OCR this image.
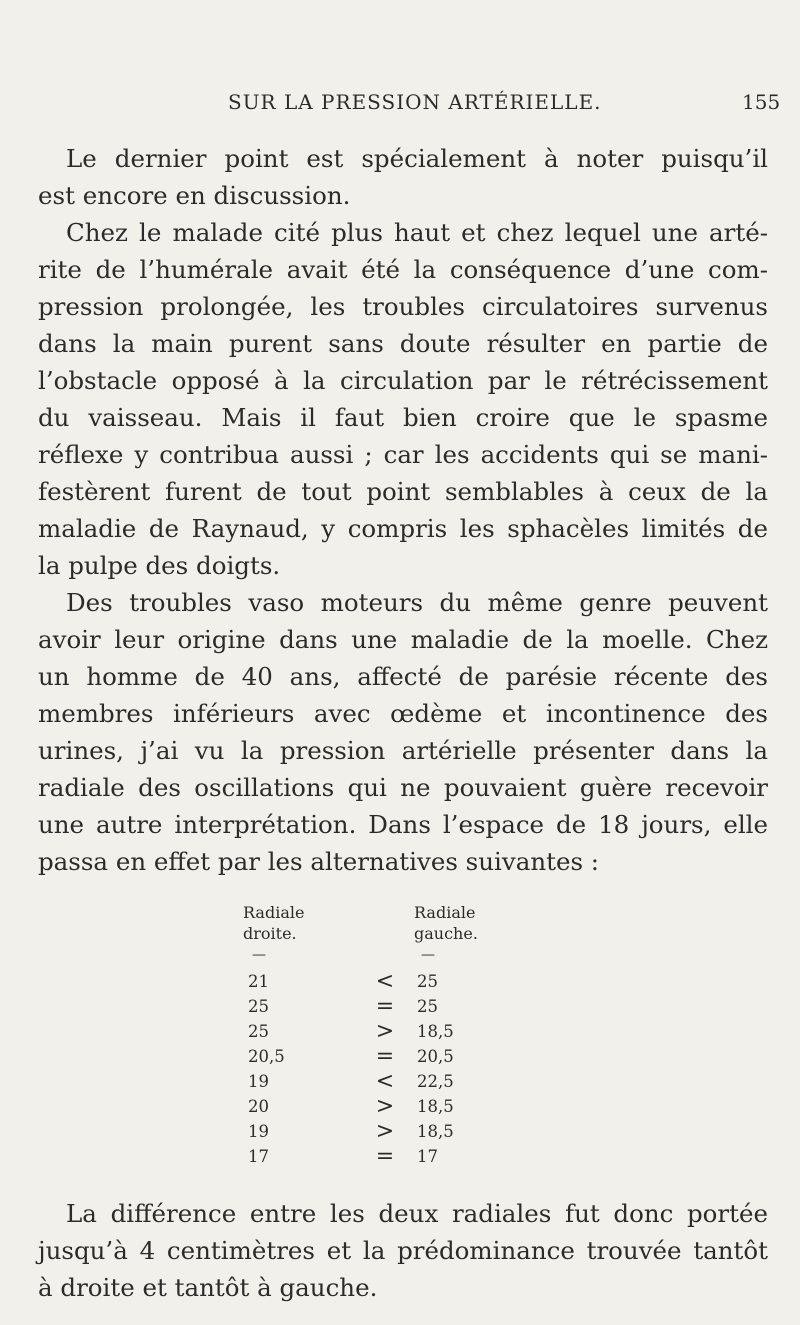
SUR LA PRESSION ARTÉRIELLE.	155
Le dernier point est spécialement à noter puisqu’il
est encore en discussion.
Chez le malade cité plus haut et chez lequel une arté-
rite de l’humérale avait été la conséquence d’une com-
pression prolongée, les troubles circulatoires survenus
dans la main purent sans doute résulter en partie de
l’obstacle opposé à la circulation par le rétrécissement
du vaisseau. Mais il faut bien croire que le spasme
réflexe y contribua aussi ; car les accidents qui se mani-
festèrent furent de tout point semblables à ceux de la
maladie de Raynaud, y compris les sphacèles limités de
la pulpe des doigts.
Des troubles vaso moteurs du même genre peuvent
avoir leur origine dans une maladie de la moelle. Chez
un homme de 40 ans, affecté de parésie récente des
membres inférieurs avec œdème et incontinence des
urines, j’ai vu la pression artérielle présenter dans la
radiale des oscillations qui ne pouvaient guère recevoir
une autre interprétation. Dans l’espace de 18 jours, elle
passa en effet par les alternatives suivantes :
Radiale
droite.
Radiale
gauche.
—	—
21	<	25
25	=	25
25	>	18,5
20,5	=	20,5
19	<	22,5
20	>	18,5
19	>	18,5
17	=	17
La différence entre les deux radiales fut donc portée
jusqu’à 4 centimètres et la prédominance trouvée tantôt
à droite et tantôt à gauche.
